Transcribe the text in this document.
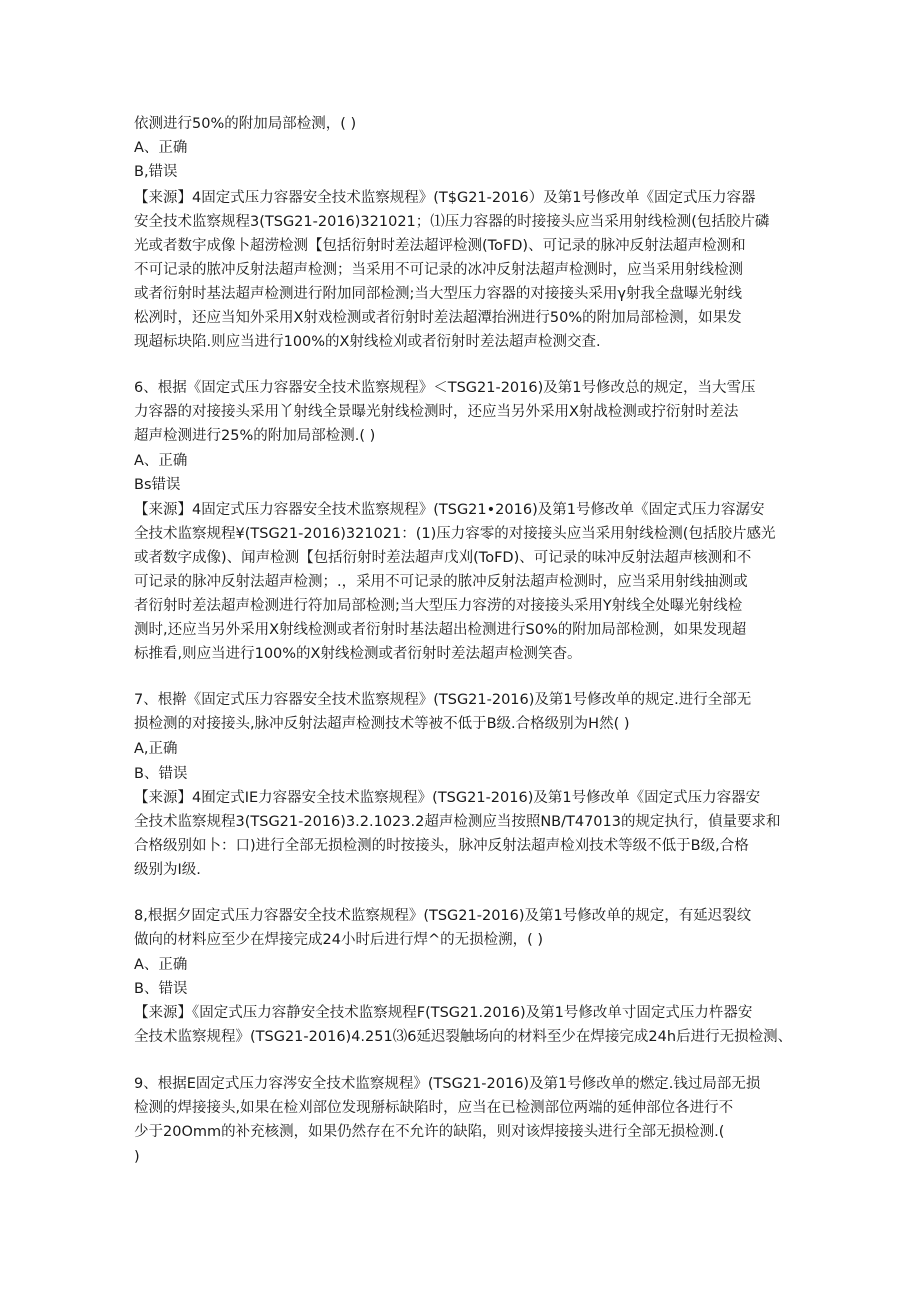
依测进行50%的附加局部检测，( )
A、正确
B,错误
【来源】4固定式压力容器安全技术监察规程》(T$G21-2016）及第1号修改单《固定式压力容器
安全技术监察规程3(TSG21-2016)321021；⑴压力容器的时接接头应当采用射线检测(包括胶片磷
光或者数宇成像卜超涝检测【包括衍射时差法超评检测(ToFD)、可记录的脉冲反射法超声检测和
不可记录的脓冲反射法超声检测；当采用不可记录的冰冲反射法超声检测时，应当采用射线检测
或者衍射时基法超声检测进行附加同部检测;当大型压力容器的对接接头采用γ射我全盘曝光射线
松冽时，还应当知外采用X射戏检测或者衍射时差法超潭抬洲进行50%的附加局部检测，如果发
现超标块陷.则应当进行100%的X射线检刈或者衍射时差法超声检测交査.
6、根据《固定式压力容器安全技术监察规程》＜TSG21-2016)及第1号修改总的规定，当大雪压
力容器的对接接头采用丫射线全景曝光射线检测时，还应当另外采用X射战检测或拧衍射时差法
超声检测进行25%的附加局部检测.( )
A、正确
Bs错误
【来源】4固定式压力容器安全技术监察规程》(TSG21•2016)及第1号修改单《固定式压力容潺安
全技术监察规程¥(TSG21-2016)321021：(1)压力容零的对接接头应当采用射线检测(包括胶片感光
或者数字成像)、闻声检测【包括衍射时差法超声戊刈(ToFD)、可记录的味冲反射法超声核测和不
可记录的脉冲反射法超声检测；.，采用不可记录的脓冲反射法超声检测时，应当采用射线抽测或
者衍射时差法超声检测进行符加局部检测;当大型压力容涝的对接接头采用Y射线全处曝光射线检
测时,还应当另外采用X射线检测或者衍射时基法超出检测进行S0%的附加局部检测，如果发现超
标推看,则应当进行100%的X射线检测或者衍射时差法超声检测笑杳。
7、根擀《固定式压力容器安全技术监察规程》(TSG21-2016)及第1号修改单的规定.进行全部无
损检测的对接接头,脉冲反射法超声检测技术等被不低于B级.合格级别为H然( )
A,正确
B、错误
【来源】4囿定式IE力容器安全技术监察规程》(TSG21-2016)及第1号修改单《固定式压力容器安
全技术监察规程3(TSG21-2016)3.2.1023.2超声检测应当按照NB/T47013的规定执行，偵量要求和
合格级别如卜：口)进行全部无损检测的时按接头，脉冲反射法超声检刈技术等级不低于B级,合格
级别为I级.
8,根据夕固定式压力容器安全技术监察规程》(TSG21-2016)及第1号修改单的规定，有延迟裂纹
做向的材料应至少在焊接完成24小时后进行焊^的无损检溯，( )
A、正确
B、错误
【来源】《固定式压力容静安全技术监察规程F(TSG21.2016)及第1号修改单寸固定式压力杵器安
全技术监察规程》(TSG21-2016)4.251⑶6延迟裂触场向的材料至少在焊接完成24h后进行无损检测、
9、根据E固定式压力容涔安全技术监察规程》(TSG21-2016)及第1号修改单的燃定.钱过局部无损
检测的焊接接头,如果在检刈部位发现掰标缺陷时，应当在已检测部位两端的延伸部位各进行不
少于20Omm的补充核测，如果仍然存在不允许的缺陷，则对该焊接接头进行全部无损检测.(
)
